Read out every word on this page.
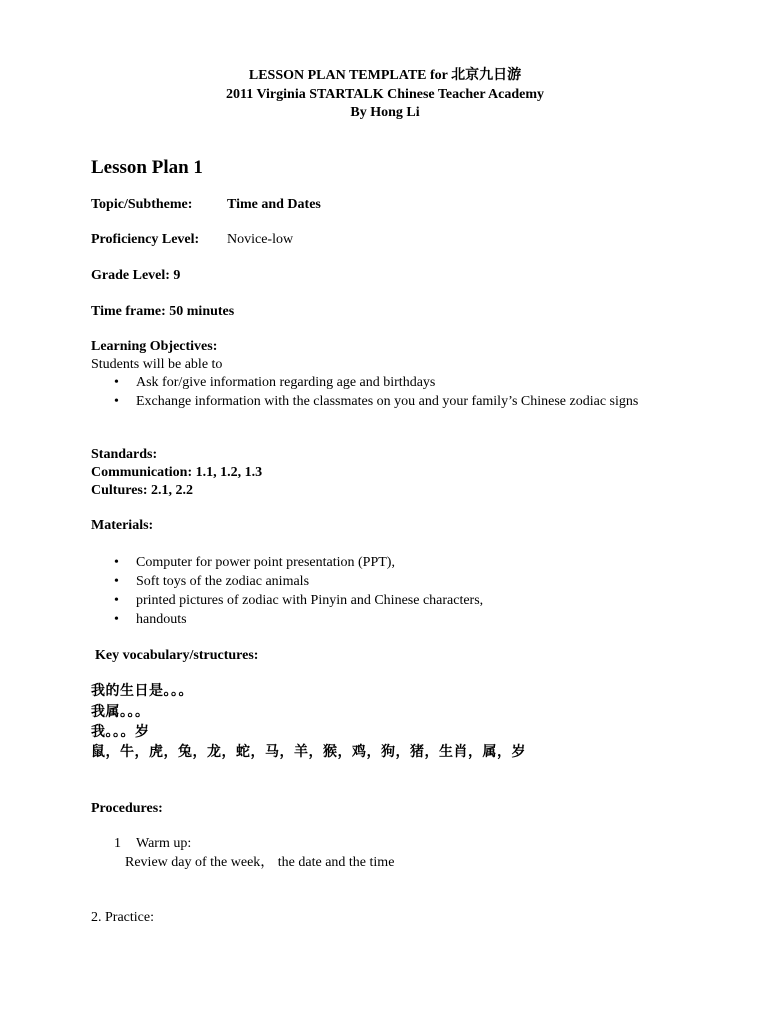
LESSON PLAN TEMPLATE for 北京九日游
2011 Virginia STARTALK Chinese Teacher Academy
By Hong Li
Lesson Plan 1
Topic/Subtheme: Time and Dates
Proficiency Level: Novice-low
Grade Level: 9
Time frame: 50 minutes
Learning Objectives:
Students will be able to
• Ask for/give information regarding age and birthdays
• Exchange information with the classmates on you and your family’s Chinese zodiac signs
Standards:
Communication: 1.1, 1.2, 1.3
Cultures: 2.1, 2.2
Materials:
• Computer for power point presentation (PPT),
• Soft toys of the zodiac animals
• printed pictures of zodiac with Pinyin and Chinese characters,
• handouts
Key vocabulary/structures:
我的生日是。。。
我属。。。
我。。。岁
鼠，牛，虎，兔，龙，蛇，马，羊，猴，鸡，狗，猪，生肖，属，岁
Procedures:
1 Warm up:
Review day of the week， the date and the time
2. Practice:
